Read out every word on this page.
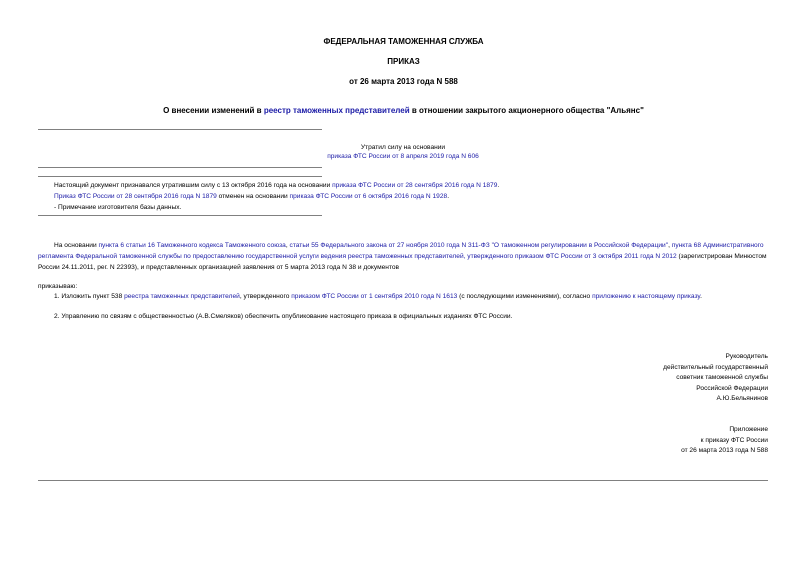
ФЕДЕРАЛЬНАЯ ТАМОЖЕННАЯ СЛУЖБА
ПРИКАЗ
от 26 марта 2013 года N 588
О внесении изменений в реестр таможенных представителей в отношении закрытого акционерного общества "Альянс"

Утратил силу на основании

приказа ФТС России от 8 апреля 2019 года N 606

Настоящий документ признавался утратившим силу с 13 октября 2016 года на основании приказа ФТС России от 28 сентября 2016 года N 1879.

Приказ ФТС России от 28 сентября 2016 года N 1879 отменен на основании приказа ФТС России от 6 октября 2016 года N 1928.

- Примечание изготовителя базы данных.

На основании пункта 6 статьи 16 Таможенного кодекса Таможенного союза, статьи 55 Федерального закона от 27 ноября 2010 года N 311-ФЗ "О таможенном регулировании в Российской Федерации", пункта 68 Административного регламента Федеральной таможенной службы по предоставлению государственной услуги ведения реестра таможенных представителей, утвержденного приказом ФТС России от 3 октября 2011 года N 2012 (зарегистрирован Минюстом России 24.11.2011, рег. N 22393), и представленных организацией заявления от 5 марта 2013 года N 38 и документов
приказываю:
1. Изложить пункт 538 реестра таможенных представителей, утвержденного приказом ФТС России от 1 сентября 2010 года N 1613 (с последующими изменениями), согласно приложению к настоящему приказу.
2. Управлению по связям с общественностью (А.В.Смеляков) обеспечить опубликование настоящего приказа в официальных изданиях ФТС России.

Руководитель

действительный государственный

советник таможенной службы

Российской Федерации

А.Ю.Бельянинов

Приложение

к приказу ФТС России

от 26 марта 2013 года N 588
